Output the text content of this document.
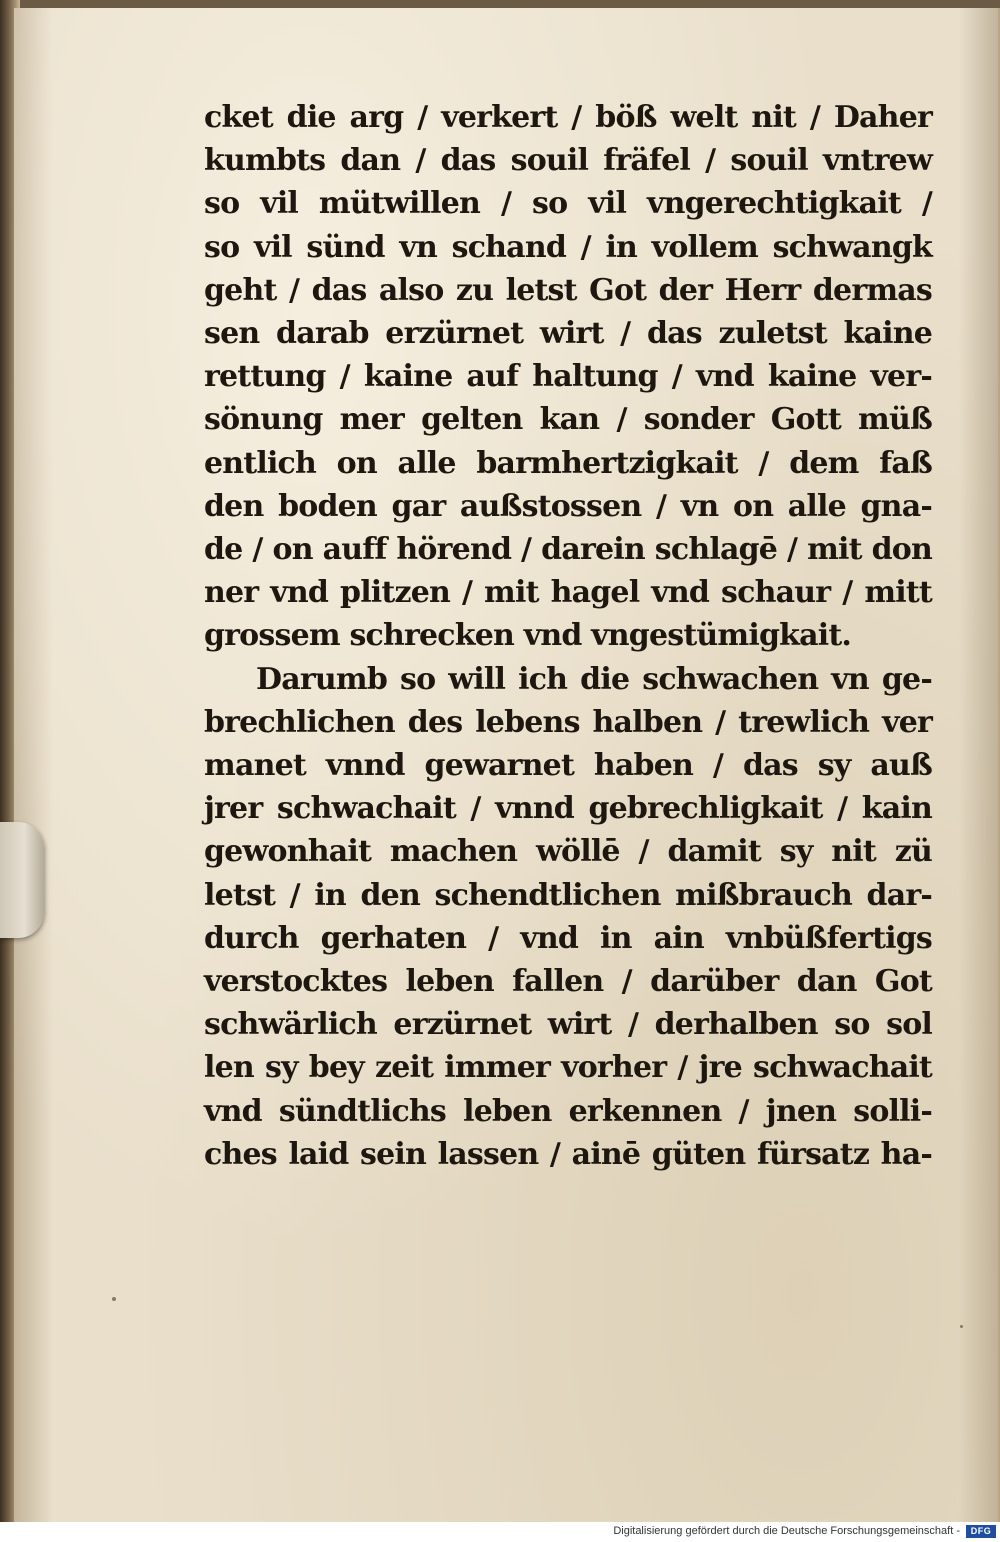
cket die arg / verkert / böß welt nit / Daher
kumbts dan / das souil fräfel / souil vntrew
so vil mütwillen / so vil vngerechtigkait /
so vil sünd vn schand / in vollem schwangk
geht / das also zu letst Got der Herr dermas
sen darab erzürnet wirt / das zuletst kaine
rettung / kaine auf haltung / vnd kaine ver-
sönung mer gelten kan / sonder Gott müß
entlich on alle barmhertzigkait / dem faß
den boden gar außstossen / vn on alle gna-
de / on auff hörend / darein schlagē / mit don
ner vnd plitzen / mit hagel vnd schaur / mitt
grossem schrecken vnd vngestümigkait.
Darumb so will ich die schwachen vn ge-
brechlichen des lebens halben / trewlich ver
manet vnnd gewarnet haben / das sy auß
jrer schwachait / vnnd gebrechligkait / kain
gewonhait machen wöllē / damit sy nit zü
letst / in den schendtlichen mißbrauch dar-
durch gerhaten / vnd in ain vnbüßfertigs
verstocktes leben fallen / darüber dan Got
schwärlich erzürnet wirt / derhalben so sol
len sy bey zeit immer vorher / jre schwachait
vnd sündtlichs leben erkennen / jnen solli-
ches laid sein lassen / ainē güten fürsatz ha-
Digitalisierung gefördert durch die Deutsche Forschungsgemeinschaft -	DFG
